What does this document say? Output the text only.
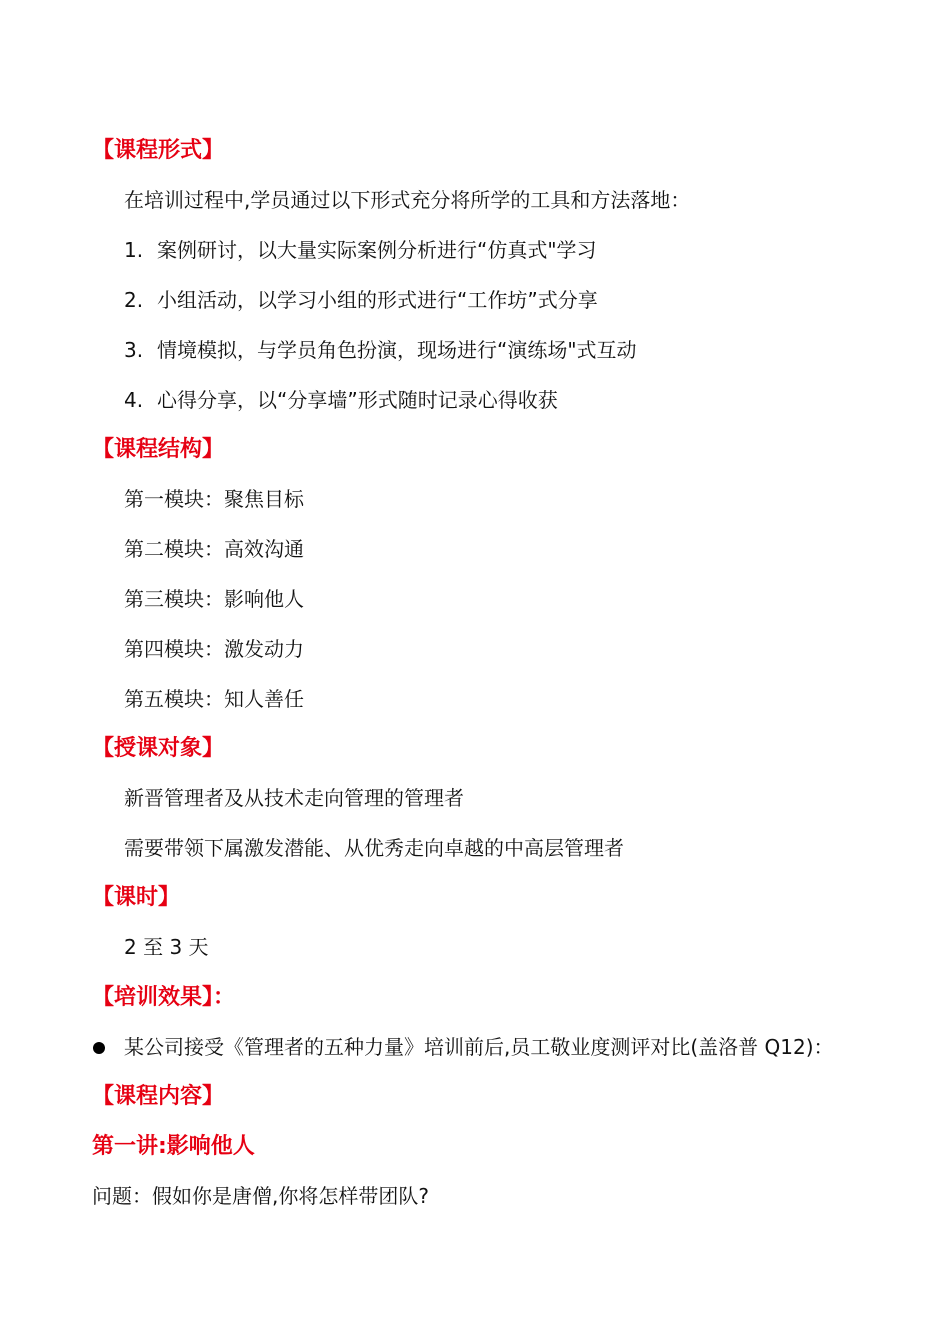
【课程形式】
在培训过程中,学员通过以下形式充分将所学的工具和方法落地：
1. 案例研讨，以大量实际案例分析进行“仿真式"学习
2. 小组活动，以学习小组的形式进行“工作坊”式分享
3. 情境模拟，与学员角色扮演，现场进行“演练场"式互动
4. 心得分享，以“分享墙”形式随时记录心得收获
【课程结构】
第一模块：聚焦目标
第二模块：高效沟通
第三模块：影响他人
第四模块：激发动力
第五模块：知人善任
【授课对象】
新晋管理者及从技术走向管理的管理者
需要带领下属激发潜能、从优秀走向卓越的中高层管理者
【课时】
2 至 3 天
【培训效果】：
某公司接受《管理者的五种力量》培训前后,员工敬业度测评对比(盖洛普 Q12)：
【课程内容】
第一讲:影响他人
问题：假如你是唐僧,你将怎样带团队?
